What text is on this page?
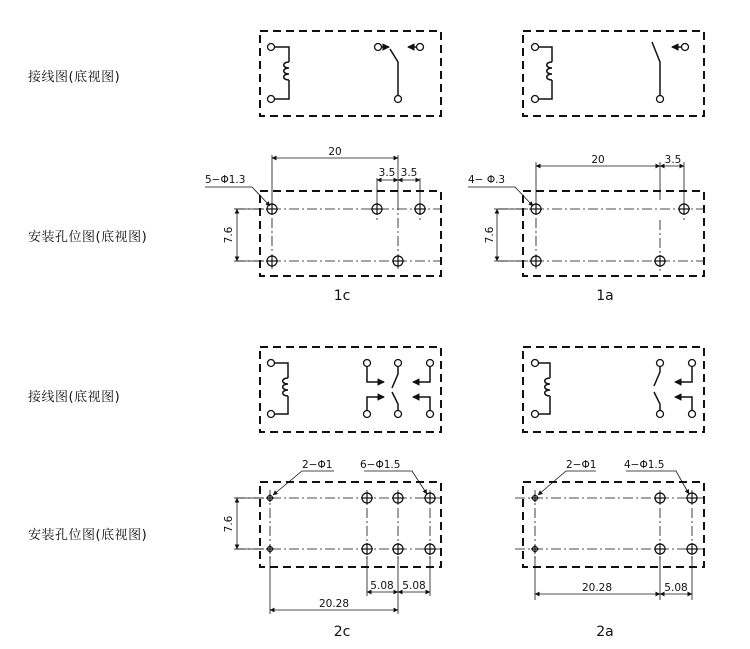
接线图(底视图)
安装孔位图(底视图)
接线图(底视图)
安装孔位图(底视图)
5−Φ1.3
20
3.5 3.5
7.6
4− Φ.3
20	3.5
7.6
2−Φ1	6−Φ1.5
7.6
5.08 5.08
20.28
2−Φ1	4−Φ1.5
5.08
20.28
1c	1a
2c	2a
